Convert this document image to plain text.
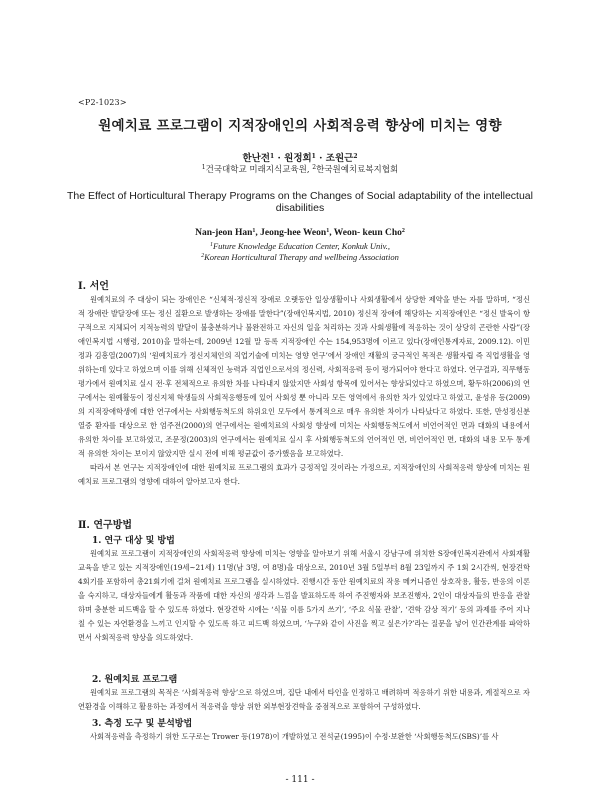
<P2-1023>
원예치료 프로그램이 지적장애인의 사회적응력 향상에 미치는 영향
한난전$^1$ · 원정희$^1$ · 조원근$^2$
$^1$건국대학교 미래지식교육원, $^2$한국원예치료복지협회
The Effect of Horticultural Therapy Programs on the Changes of Social adaptability of the intellectual disabilities
Nan-jeon Han$^1$, Jeong-hee Weon$^1$, Weon- keun Cho$^2$
$^1$Future Knowledge Education Center, Konkuk Univ.,
$^2$Korean Horticultural Therapy and wellbeing Association
Ⅰ. 서언

원예치료의 주 대상이 되는 장애인은 “신체적·정신적 장애로 오랫동안 일상생활이나 사회생활에서 상당한 제약을 받는 자를 말하며, “정신적 장애란 발달장애 또는 정신 질환으로 발생하는 장애를 말한다”(장애인복지법, 2010) 정신적 장애에 해당하는 지적장애인은 “정신 발육이 항구적으로 지체되어 지적능력의 발달이 불충분하거나 불완전하고 자신의 일을 처리하는 것과 사회생활에 적응하는 것이 상당히 곤란한 사람”(장애인복지법 시행령, 2010)을 말하는데, 2009년 12월 말 등록 지적장애인 수는 154,953명에 이르고 있다(장애인통계자료, 2009.12). 이민정과 김흥열(2007)의 ‘원예치료가 정신지체인의 직업기술에 미치는 영향 연구’에서 장애인 재활의 궁극적인 목적은 생활자립 즉 직업생활을 영위하는데 있다고 하였으며 이를 위해 신체적인 능력과 직업인으로서의 정신력, 사회적응력 등이 평가되어야 한다고 하였다. 연구결과, 직무행동 평가에서 원예치료 실시 전·후 전체적으로 유의한 차를 나타내지 않았지만 사회성 항목에 있어서는 향상되었다고 하였으며, 황두하(2006)의 연구에서는 원예활동이 정신지체 학생들의 사회적응행동에 있어 사회성 뿐 아니라 모든 영역에서 유의한 차가 있었다고 하였고, 윤성유 등(2009)의 지적장애학생에 대한 연구에서는 사회행동척도의 하위요인 모두에서 통계적으로 매우 유의한 차이가 나타났다고 하였다. 또한, 만성정신분열증 환자를 대상으로 한 엄주전(2000)의 연구에서는 원예치료의 사회성 향상에 미치는 사회행동척도에서 비언어적인 면과 대화의 내용에서 유의한 차이를 보고하였고, 조문정(2003)의 연구에서는 원예치료 실시 후 사회행동척도의 언어적인 면, 비언어적인 면, 대화의 내용 모두 통계적 유의한 차이는 보이지 않았지만 실시 전에 비해 평균값이 증가했음을 보고하였다.

따라서 본 연구는 지적장애인에 대한 원예치료 프로그램의 효과가 긍정적일 것이라는 가정으로, 지적장애인의 사회적응력 향상에 미치는 원예치료 프로그램의 영향에 대하여 알아보고자 한다.

Ⅱ. 연구방법
1. 연구 대상 및 방법

원예치료 프로그램이 지적장애인의 사회적응력 향상에 미치는 영향을 알아보기 위해 서울시 강남구에 위치한 S장애인복지관에서 사회재활교육을 받고 있는 지적장애인(19세~21세) 11명(남 3명, 여 8명)을 대상으로, 2010년 3월 5일부터 8월 23일까지 주 1회 2시간씩, 현장견학 4회기를 포함하여 총21회기에 걸쳐 원예치료 프로그램을 실시하였다. 진행시간 동안 원예치료의 작용 메커니즘인 상호작용, 활동, 반응의 이론을 숙지하고, 대상자들에게 활동과 작품에 대한 자신의 생각과 느낌을 발표하도록 하여 주진행자와 보조진행자, 2인이 대상자들의 반응을 관찰하며 충분한 피드백을 할 수 있도록 하였다. 현장견학 시에는 ‘식물 이름 5가지 쓰기’, ‘주요 식물 관찰’, ‘견학 감상 적기’ 등의 과제를 주어 지나칠 수 있는 자연환경을 느끼고 인지할 수 있도록 하고 피드백 하였으며, ‘누구와 같이 사진을 찍고 싶은가?’라는 질문을 넣어 인간관계를 파악하면서 사회적응력 향상을 의도하였다.

2. 원예치료 프로그램

원예치료 프로그램의 목적은 ‘사회적응력 향상’으로 하였으며, 집단 내에서 타인을 인정하고 배려하며 적응하기 위한 내용과, 계절적으로 자연환경을 이해하고 활용하는 과정에서 적응력을 향상 위한 외부현장견학을 중점적으로 포함하여 구성하였다.

3. 측정 도구 및 분석방법

사회적응력을 측정하기 위한 도구로는 Trower 등(1978)이 개발하였고 전석균(1995)이 수정·보완한 ‘사회행동척도(SBS)’를 사

- 111 -
